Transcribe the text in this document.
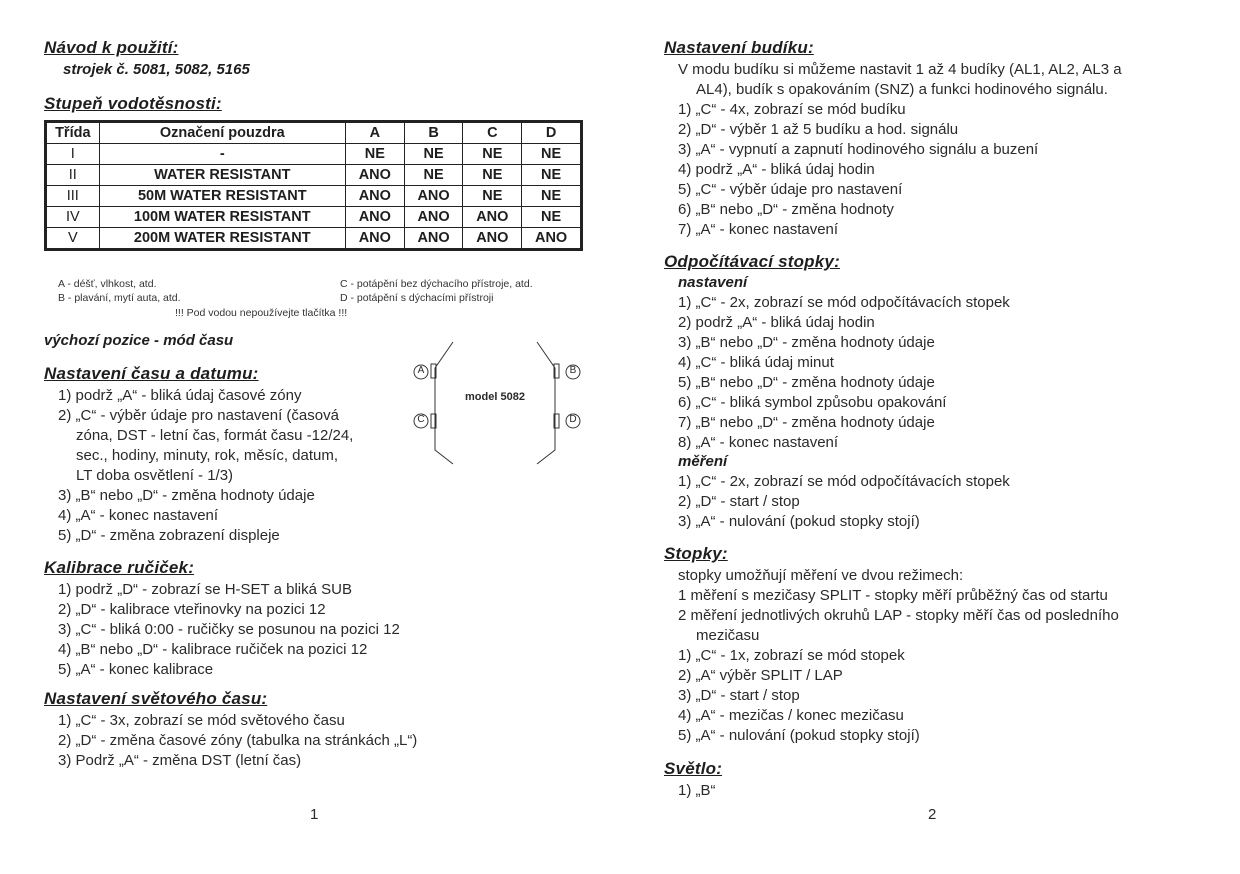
Návod k použití:
strojek č. 5081, 5082, 5165
Stupeň vodotěsnosti:
Třída	Označení pouzdra	A	B	C	D
I	-	NE	NE	NE	NE
II	WATER RESISTANT	ANO	NE	NE	NE
III	50M WATER RESISTANT	ANO	ANO	NE	NE
IV	100M WATER RESISTANT	ANO	ANO	ANO	NE
V	200M WATER RESISTANT	ANO	ANO	ANO	ANO
A - déšť, vlhkost, atd.
B - plavání, mytí auta, atd.
C - potápění bez dýchacího přístroje, atd.
D - potápění s dýchacími přístroji
!!! Pod vodou nepoužívejte tlačítka !!!
výchozí pozice - mód času
Nastavení času a datumu:
1) podrž „A“ - bliká údaj časové zóny
2) „C“ - výběr údaje pro nastavení (časová
zóna, DST - letní čas, formát času -12/24,
sec., hodiny, minuty, rok, měsíc, datum,
LT doba osvětlení - 1/3)
3) „B“ nebo „D“ - změna hodnoty údaje
4) „A“ - konec nastavení
5) „D“ - změna zobrazení displeje
A
C
B
D
model 5082
Kalibrace ručiček:
1) podrž „D“ - zobrazí se H-SET a bliká SUB
2) „D“ - kalibrace vteřinovky na pozici 12
3) „C“ - bliká 0:00 - ručičky se posunou na pozici 12
4) „B“ nebo „D“ - kalibrace ručiček na pozici 12
5) „A“ - konec kalibrace
Nastavení světového času:
1) „C“ - 3x, zobrazí se mód světového času
2) „D“ - změna časové zóny (tabulka na stránkách „L“)
3) Podrž „A“ - změna DST (letní čas)
1
Nastavení budíku:
V modu budíku si můžeme nastavit 1 až 4 budíky (AL1, AL2, AL3 a
AL4), budík s opakováním (SNZ) a funkci hodinového signálu.
1) „C“ - 4x, zobrazí se mód budíku
2) „D“ - výběr 1 až 5 budíku a hod. signálu
3) „A“ - vypnutí a zapnutí hodinového signálu a buzení
4) podrž „A“ - bliká údaj hodin
5) „C“ - výběr údaje pro nastavení
6) „B“ nebo „D“ - změna hodnoty
7) „A“ - konec nastavení
Odpočítávací stopky:
nastavení
1) „C“ - 2x, zobrazí se mód odpočítávacích stopek
2) podrž „A“ - bliká údaj hodin
3) „B“ nebo „D“ - změna hodnoty údaje
4) „C“ - bliká údaj minut
5) „B“ nebo „D“ - změna hodnoty údaje
6) „C“ - bliká symbol způsobu opakování
7) „B“ nebo „D“ - změna hodnoty údaje
8) „A“ - konec nastavení
měření
1) „C“ - 2x, zobrazí se mód odpočítávacích stopek
2) „D“ - start / stop
3) „A“ - nulování (pokud stopky stojí)
Stopky:
stopky umožňují měření ve dvou režimech:
1 měření s mezičasy SPLIT - stopky měří průběžný čas od startu
2 měření jednotlivých okruhů LAP - stopky měří čas od posledního
mezičasu
1) „C“ - 1x, zobrazí se mód stopek
2) „A“ výběr SPLIT / LAP
3) „D“ - start / stop
4) „A“ - mezičas / konec mezičasu
5) „A“ - nulování (pokud stopky stojí)
Světlo:
1) „B“
2
